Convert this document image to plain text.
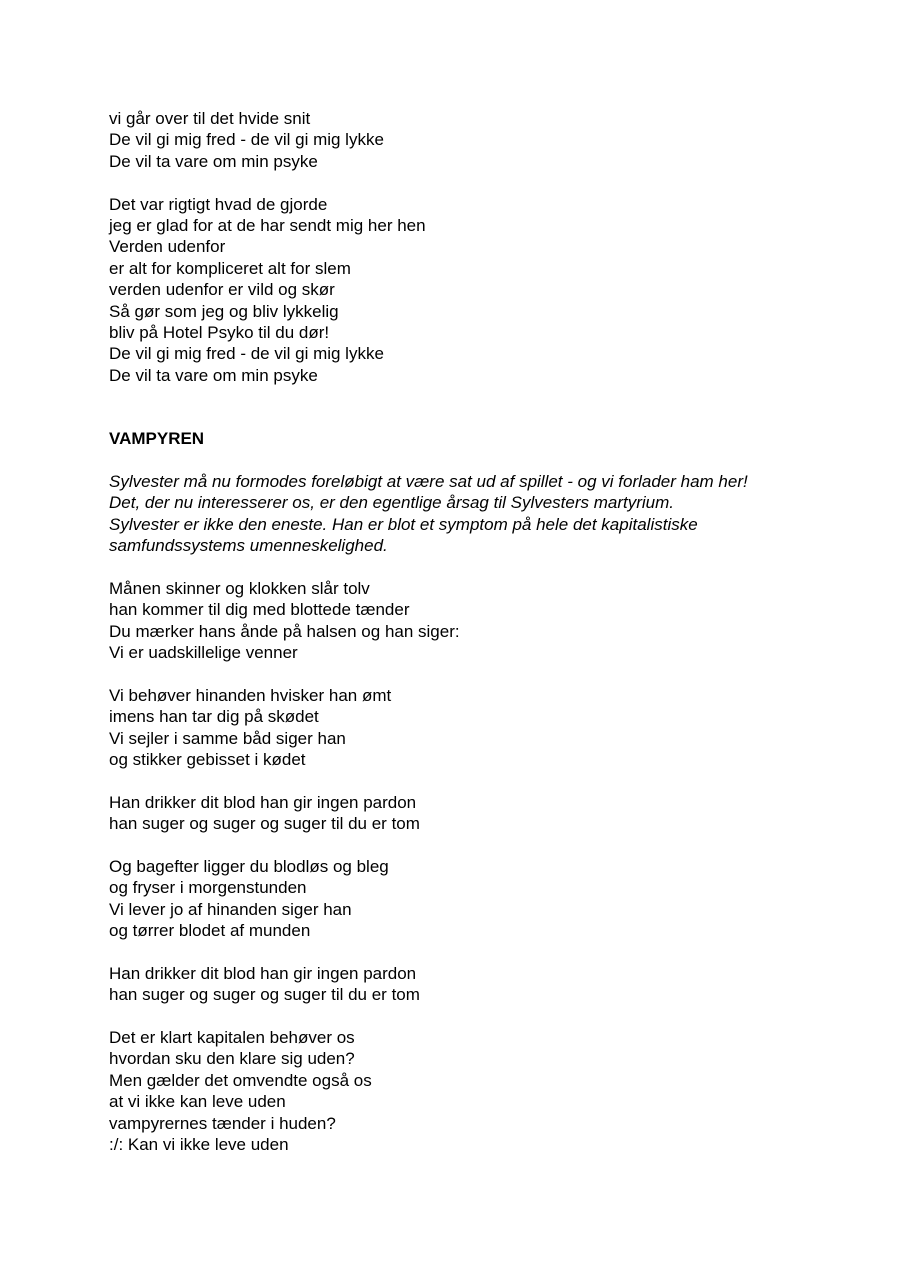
vi går over til det hvide snit
De vil gi mig fred - de vil gi mig lykke
De vil ta vare om min psyke
Det var rigtigt hvad de gjorde
jeg er glad for at de har sendt mig her hen
Verden udenfor
er alt for kompliceret alt for slem
verden udenfor er vild og skør
Så gør som jeg og bliv lykkelig
bliv på Hotel Psyko til du dør!
De vil gi mig fred - de vil gi mig lykke
De vil ta vare om min psyke
VAMPYREN
Sylvester må nu formodes foreløbigt at være sat ud af spillet - og vi forlader ham her!
Det, der nu interesserer os, er den egentlige årsag til Sylvesters martyrium.
Sylvester er ikke den eneste. Han er blot et symptom på hele det kapitalistiske
samfundssystems umenneskelighed.
Månen skinner og klokken slår tolv
han kommer til dig med blottede tænder
Du mærker hans ånde på halsen og han siger:
Vi er uadskillelige venner
Vi behøver hinanden hvisker han ømt
imens han tar dig på skødet
Vi sejler i samme båd siger han
og stikker gebisset i kødet
Han drikker dit blod han gir ingen pardon
han suger og suger og suger til du er tom
Og bagefter ligger du blodløs og bleg
og fryser i morgenstunden
Vi lever jo af hinanden siger han
og tørrer blodet af munden
Han drikker dit blod han gir ingen pardon
han suger og suger og suger til du er tom
Det er klart kapitalen behøver os
hvordan sku den klare sig uden?
Men gælder det omvendte også os
at vi ikke kan leve uden
vampyrernes tænder i huden?
:/: Kan vi ikke leve uden
